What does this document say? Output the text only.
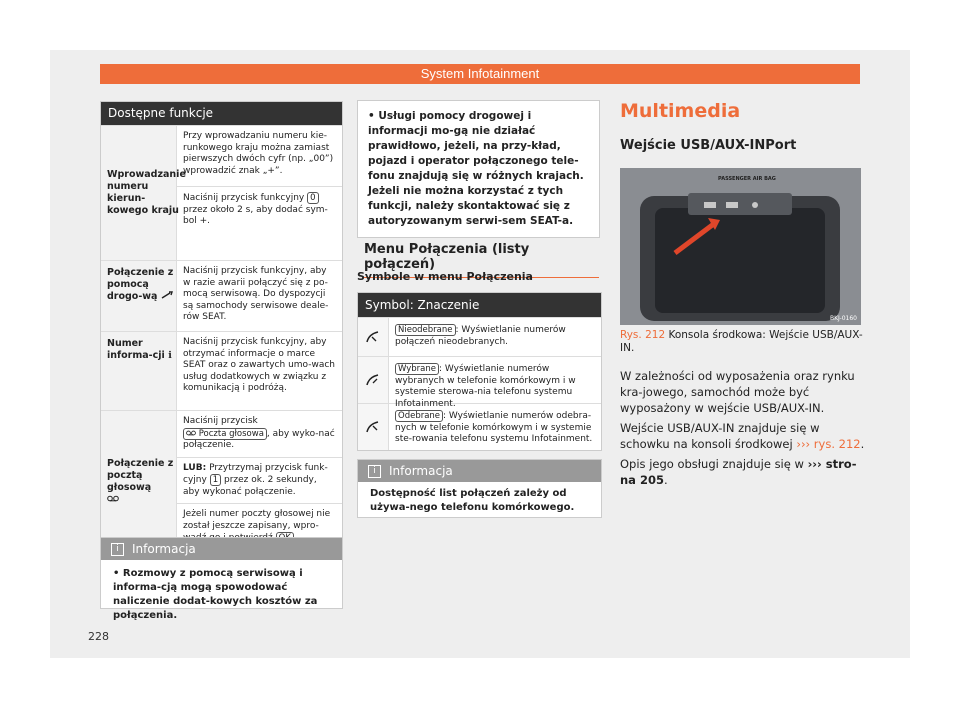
System Infotainment
Dostępne funkcje
Wprowadzanie numeru kierun-kowego kraju
Przy wprowadzaniu numeru kie-runkowego kraju można zamiast pierwszych dwóch cyfr (np. „00”) wprowadzić znak „+”.
Naciśnij przycisk funkcyjny 0 przez około 2 s, aby dodać sym-bol +.
Połączenie z pomocą drogo-wą
Naciśnij przycisk funkcyjny, aby w razie awarii połączyć się z po-mocą serwisową. Do dyspozycji są samochody serwisowe deale-rów SEAT.
Numer informa-cji ℹ
Naciśnij przycisk funkcyjny, aby otrzymać informacje o marce SEAT oraz o zawartych umo-wach usług dodatkowych w związku z komunikacją i podróżą.
Połączenie z pocztą głosową

Naciśnij przycisk
Poczta głosowa , aby wyko-nać połączenie.
LUB: Przytrzymaj przycisk funk-cyjny 1 przez ok. 2 sekundy, aby wykonać połączenie.
Jeżeli numer poczty głosowej nie został jeszcze zapisany, wpro-
i Informacja
• Rozmowy z pomocą serwisową i informa-cją mogą spowodować naliczenie dodat-kowych kosztów za połączenia.
• Usługi pomocy drogowej i informacji mo-gą nie działać prawidłowo, jeżeli, na przy-kład, pojazd i operator połączonego tele-fonu znajdują się w różnych krajach. Jeżeli nie można korzystać z tych funkcji, należy skontaktować się z autoryzowanym serwi-sem SEAT-a.
Menu Połączenia (listy połączeń)
Symbole w menu Połączenia
Symbol: Znaczenie
Nieodebrane : Wyświetlanie numerów połączeń nieodebranych.
Wybrane : Wyświetlanie numerów wybranych w telefonie komórkowym i w systemie sterowa-nia telefonu systemu Infotainment.
Odebrane : Wyświetlanie numerów odebra-nych w telefonie komórkowym i w systemie ste-rowania telefonu systemu Infotainment.
i Informacja
Dostępność list połączeń zależy od używa-nego telefonu komórkowego.
Multimedia
Wejście USB/AUX-INPort
PASSENGER AIR BAG
BKJ-0160
Rys. 212 Konsola środkowa: Wejście USB/AUX-IN.
W zależności od wyposażenia oraz rynku kra-jowego, samochód może być wyposażony w wejście USB/AUX-IN.
Wejście USB/AUX-IN znajduje się w schowku na konsoli środkowej ››› rys. 212.
Opis jego obsługi znajduje się w ››› stro-na 205.
228
